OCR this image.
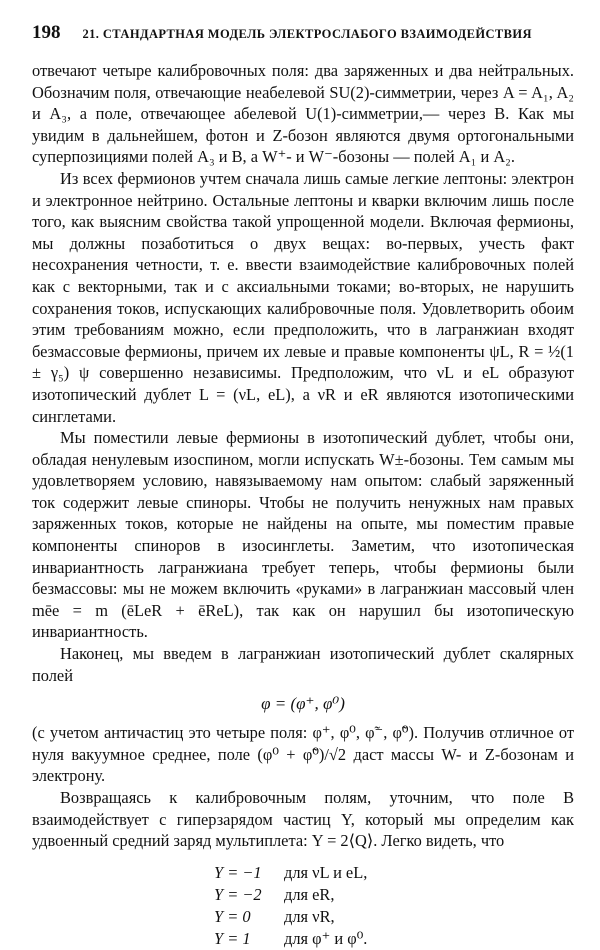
198 21. СТАНДАРТНАЯ МОДЕЛЬ ЭЛЕКТРОСЛАБОГО ВЗАИМОДЕЙСТВИЯ

отвечают четыре калибровочных поля: два заряженных и два нейтральных. Обозначим поля, отвечающие неабелевой SU(2)-симметрии, через A = A₁, A₂ и A₃, а поле, отвечающее абелевой U(1)-симметрии,— через B. Как мы увидим в дальнейшем, фотон и Z-бозон являются двумя ортогональными суперпозициями полей A₃ и B, а W⁺- и W⁻-бозоны — полей A₁ и A₂.

Из всех фермионов учтем сначала лишь самые легкие лептоны: электрон и электронное нейтрино. Остальные лептоны и кварки включим лишь после того, как выясним свойства такой упрощенной модели. Включая фермионы, мы должны позаботиться о двух вещах: во-первых, учесть факт несохранения четности, т. е. ввести взаимодействие калибровочных полей как с векторными, так и с аксиальными токами; во-вторых, не нарушить сохранения токов, испускающих калибровочные поля. Удовлетворить обоим этим требованиям можно, если предположить, что в лагранжиан входят безмассовые фермионы, причем их левые и правые компоненты ψL, R = ½(1 ± γ₅) ψ совершенно независимы. Предположим, что νL и eL образуют изотопический дублет L = (νL, eL), а νR и eR являются изотопическими синглетами.

Мы поместили левые фермионы в изотопический дублет, чтобы они, обладая ненулевым изоспином, могли испускать W±-бозоны. Тем самым мы удовлетворяем условию, навязываемому нам опытом: слабый заряженный ток содержит левые спиноры. Чтобы не получить ненужных нам правых заряженных токов, которые не найдены на опыте, мы поместим правые компоненты спиноров в изосинглеты. Заметим, что изотопическая инвариантность лагранжиана требует теперь, чтобы фермионы были безмассовы: мы не можем включить «руками» в лагранжиан массовый член mēe = m (ēLeR + ēReL), так как он нарушил бы изотопическую инвариантность.

Наконец, мы введем в лагранжиан изотопический дублет скалярных полей

φ = (φ⁺, φ⁰)

(с учетом античастиц это четыре поля: φ⁺, φ⁰, φ̃⁻, φ̃⁰). Получив отличное от нуля вакуумное среднее, поле (φ⁰ + φ̃⁰)/√2 даст массы W- и Z-бозонам и электрону.

Возвращаясь к калибровочным полям, уточним, что поле B взаимодействует с гиперзарядом частиц Y, который мы определим как удвоенный средний заряд мультиплета: Y = 2⟨Q⟩. Легко видеть, что

Y = −1	для νL и eL,
Y = −2	для eR,
Y = 0	для νR,
Y = 1	для φ⁺ и φ⁰.
